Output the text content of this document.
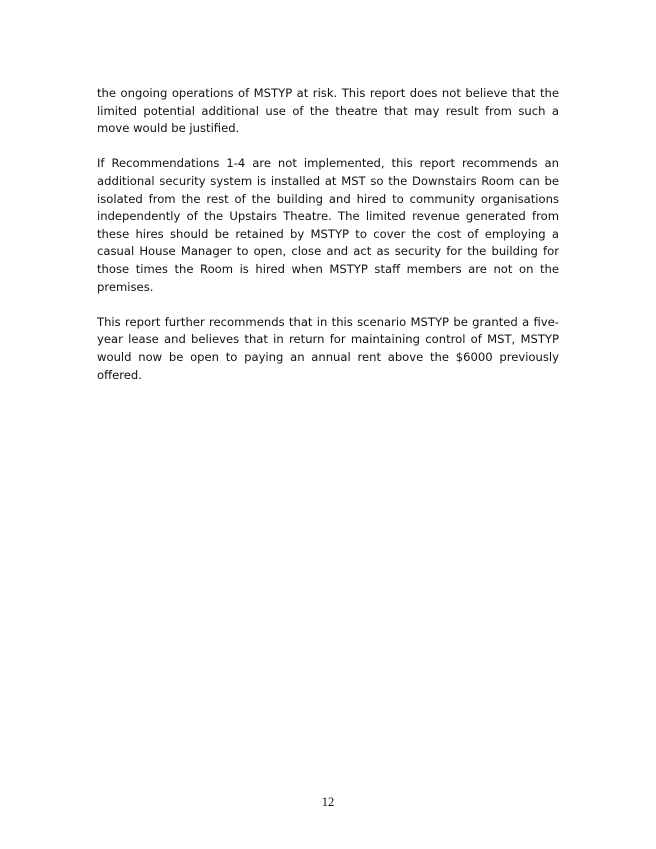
the ongoing operations of MSTYP at risk. This report does not believe that the limited potential additional use of the theatre that may result from such a move would be justified.

If Recommendations 1-4 are not implemented, this report recommends an additional security system is installed at MST so the Downstairs Room can be isolated from the rest of the building and hired to community organisations independently of the Upstairs Theatre. The limited revenue generated from these hires should be retained by MSTYP to cover the cost of employing a casual House Manager to open, close and act as security for the building for those times the Room is hired when MSTYP staff members are not on the premises.

This report further recommends that in this scenario MSTYP be granted a five-year lease and believes that in return for maintaining control of MST, MSTYP would now be open to paying an annual rent above the $6000 previously offered.

12
